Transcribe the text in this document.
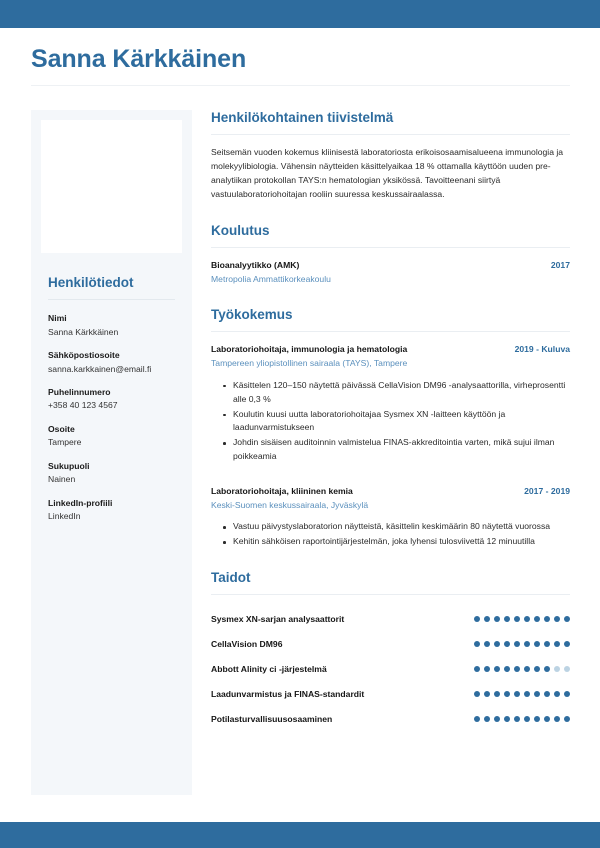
Sanna Kärkkäinen
Henkilötiedot
Nimi
Sanna Kärkkäinen
Sähköpostiosoite
sanna.karkkainen@email.fi
Puhelinnumero
+358 40 123 4567
Osoite
Tampere
Sukupuoli
Nainen
LinkedIn-profiili
LinkedIn
Henkilökohtainen tiivistelmä

Seitsemän vuoden kokemus kliinisestä laboratoriosta erikoisosaamisalueena immunologia ja molekyylibiologia. Vähensin näytteiden käsittelyaikaa 18 % ottamalla käyttöön uuden pre-analytiikan protokollan TAYS:n hematologian yksikössä. Tavoitteenani siirtyä vastuulaboratoriohoitajan rooliin suuressa keskussairaalassa.

Koulutus
Bioanalyytikko (AMK)	2017
Metropolia Ammattikorkeakoulu
Työkokemus
Laboratoriohoitaja, immunologia ja hematologia	2019 - Kuluva
Tampereen yliopistollinen sairaala (TAYS), Tampere
Käsittelen 120–150 näytettä päivässä CellaVision DM96 -analysaattorilla, virheprosentti alle 0,3 %
Koulutin kuusi uutta laboratoriohoitajaa Sysmex XN -laitteen käyttöön ja laadunvarmistukseen
Johdin sisäisen auditoinnin valmistelua FINAS-akkreditointia varten, mikä sujui ilman poikkeamia
Laboratoriohoitaja, kliininen kemia	2017 - 2019
Keski-Suomen keskussairaala, Jyväskylä
Vastuu päivystyslaboratorion näytteistä, käsittelin keskimäärin 80 näytettä vuorossa
Kehitin sähköisen raportointijärjestelmän, joka lyhensi tulosviivettä 12 minuutilla
Taidot
Sysmex XN-sarjan analysaattorit
CellaVision DM96
Abbott Alinity ci -järjestelmä
Laadunvarmistus ja FINAS-standardit
Potilasturvallisuusosaaminen
